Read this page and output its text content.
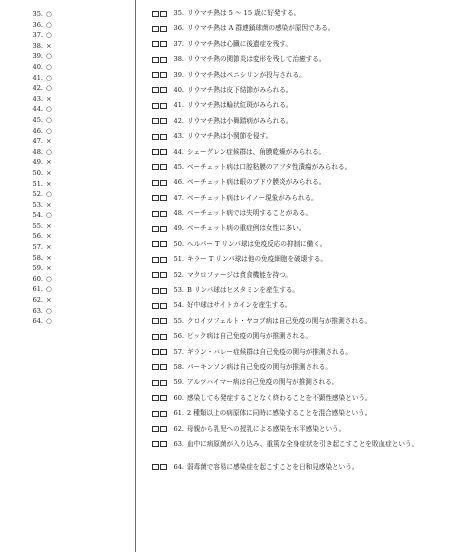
35. ○
36. ○
37. ○
38. ×
39. ○
40. ○
41. ○
42. ○
43. ×
44. ○
45. ○
46. ○
47. ×
48. ○
49. ×
50. ×
51. ×
52. ○
53. ×
54. ○
55. ×
56. ×
57. ×
58. ×
59. ×
60. ○
61. ○
62. ×
63. ○
64. ○
35. リウマチ熱は 5 ～ 15 歳に好発する。
36. リウマチ熱は A 群連鎖球菌の感染が原因である。
37. リウマチ熱は心臓に後遺症を残す。
38. リウマチ熱の関節炎は変形を残して治癒する。
39. リウマチ熱はペニシリンが投与される。
40. リウマチ熱は皮下結節がみられる。
41. リウマチ熱は輪状紅斑がみられる。
42. リウマチ熱は小舞踏病がみられる。
43. リウマチ熱は小関節を侵す。
44. シェーグレン症候群は、角膜乾燥がみられる。
45. ベーチェット病は口腔粘膜のアフタ性潰瘍がみられる。
46. ベーチェット病は眼のブドウ膜炎がみられる。
47. ベーチェット病はレイノー現象がみられる。
48. ベーチェット病では失明することがある。
49. ベーチェット病の重症例は女性に多い。
50. ヘルパー T リンパ球は免疫反応の抑制に働く。
51. キラー T リンパ球は他の免疫細胞を破壊する。
52. マクロファージは貪食機能を持つ。
53. B リンパ球はヒスタミンを産生する。
54. 好中球はサイトカインを産生する。
55. クロイツフェルト・ヤコブ病は自己免疫の関与が推測される。
56. ピック病は自己免疫の関与が推測される。
57. ギラン・バレー症候群は自己免疫の関与が推測される。
58. パーキンソン病は自己免疫の関与が推測される。
59. アルツハイマー病は自己免疫の関与が推測される。
60. 感染しても発症することなく終わることを不顕性感染という。
61. 2 種類以上の病原体に同時に感染することを混合感染という。
62. 母親から乳児への授乳による感染を水平感染という。
63. 血中に病原菌が入り込み、重篤な全身症状を引き起こすことを敗血症という。
64. 弱毒菌で容易に感染症を起こすことを日和見感染という。
